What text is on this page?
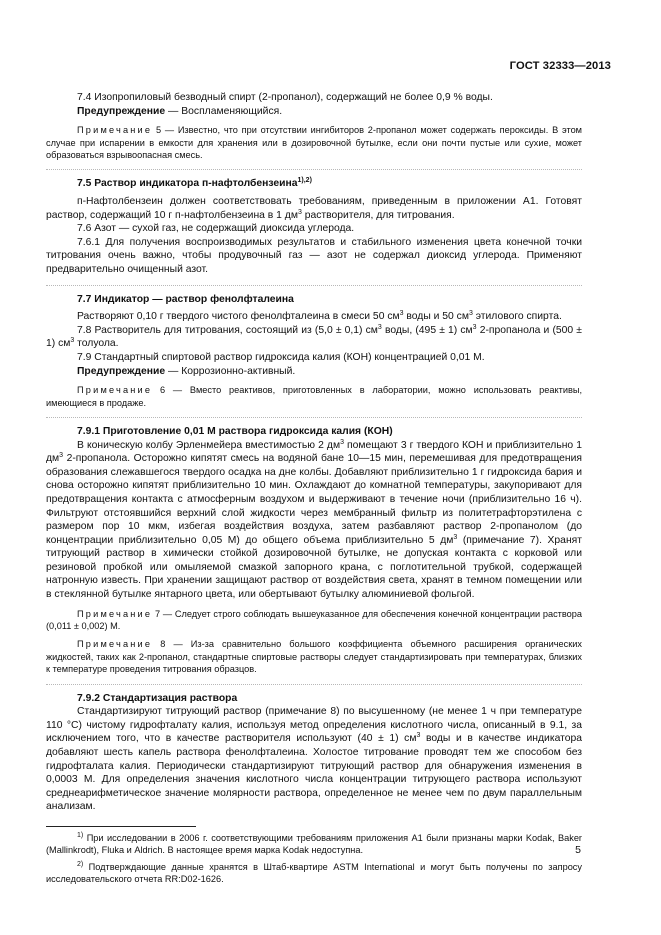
ГОСТ 32333—2013

7.4 Изопропиловый безводный спирт (2-пропанол), содержащий не более 0,9 % воды.

Предупреждение — Воспламеняющийся.

Примечание 5 — Известно, что при отсутствии ингибиторов 2-пропанол может содержать пероксиды. В этом случае при испарении в емкости для хранения или в дозировочной бутылке, если они почти пустые или сухие, может образоваться взрывоопасная смесь.

7.5 Раствор индикатора п-нафтолбензеина$^{1),2)}$

п-Нафтолбензеин должен соответствовать требованиям, приведенным в приложении А1. Готовят раствор, содержащий 10 г п-нафтолбензеина в 1 $дм^3$ растворителя, для титрования.

7.6 Азот — сухой газ, не содержащий диоксида углерода.

7.6.1 Для получения воспроизводимых результатов и стабильного изменения цвета конечной точки титрования очень важно, чтобы продувочный газ — азот не содержал диоксид углерода. Применяют предварительно очищенный азот.

7.7 Индикатор — раствор фенолфталеина

Растворяют 0,10 г твердого чистого фенолфталеина в смеси 50 $см^3$ воды и 50 $см^3$ этилового спирта.

7.8 Растворитель для титрования, состоящий из (5,0 ± 0,1) $см^3$ воды, (495 ± 1) $см^3$ 2-пропанола и (500 ± 1) $см^3$ толуола.

7.9 Стандартный спиртовой раствор гидроксида калия (КОН) концентрацией 0,01 М.

Предупреждение — Коррозионно-активный.

Примечание 6 — Вместо реактивов, приготовленных в лаборатории, можно использовать реактивы, имеющиеся в продаже.

7.9.1 Приготовление 0,01 М раствора гидроксида калия (КОН)

В коническую колбу Эрленмейера вместимостью 2 $дм^3$ помещают 3 г твердого КОН и приблизительно 1 $дм^3$ 2-пропанола. Осторожно кипятят смесь на водяной бане 10—15 мин, перемешивая для предотвращения образования слежавшегося твердого осадка на дне колбы. Добавляют приблизительно 1 г гидроксида бария и снова осторожно кипятят приблизительно 10 мин. Охлаждают до комнатной температуры, закупоривают для предотвращения контакта с атмосферным воздухом и выдерживают в течение ночи (приблизительно 16 ч). Фильтруют отстоявшийся верхний слой жидкости через мембранный фильтр из политетрафторэтилена с размером пор 10 мкм, избегая воздействия воздуха, затем разбавляют раствор 2-пропанолом (до концентрации приблизительно 0,05 М) до общего объема приблизительно 5 $дм^3$ (примечание 7). Хранят титрующий раствор в химически стойкой дозировочной бутылке, не допуская контакта с корковой или резиновой пробкой или омыляемой смазкой запорного крана, с поглотительной трубкой, содержащей натронную известь. При хранении защищают раствор от воздействия света, хранят в темном помещении или в стеклянной бутылке янтарного цвета, или обертывают бутылку алюминиевой фольгой.

Примечание 7 — Следует строго соблюдать вышеуказанное для обеспечения конечной концентрации раствора (0,011 ± 0,002) М.

Примечание 8 — Из-за сравнительно большого коэффициента объемного расширения органических жидкостей, таких как 2-пропанол, стандартные спиртовые растворы следует стандартизировать при температурах, близких к температуре проведения титрования образцов.

7.9.2 Стандартизация раствора

Стандартизируют титрующий раствор (примечание 8) по высушенному (не менее 1 ч при температуре 110 °С) чистому гидрофталату калия, используя метод определения кислотного числа, описанный в 9.1, за исключением того, что в качестве растворителя используют (40 ± 1) $см^3$ воды и в качестве индикатора добавляют шесть капель раствора фенолфталеина. Холостое титрование проводят тем же способом без гидрофталата калия. Периодически стандартизируют титрующий раствор для обнаружения изменения в 0,0003 М. Для определения значения кислотного числа концентрации титрующего раствора используют среднеарифметическое значение молярности раствора, определенное не менее чем по двум параллельным анализам.

$^{1)}$ При исследовании в 2006 г. соответствующими требованиям приложения А1 были признаны марки Kodak, Baker (Mallinkrodt), Fluka и Aldrich. В настоящее время марка Kodak недоступна.

$^{2)}$ Подтверждающие данные хранятся в Штаб-квартире ASTM International и могут быть получены по запросу исследовательского отчета RR:D02-1626.

5
